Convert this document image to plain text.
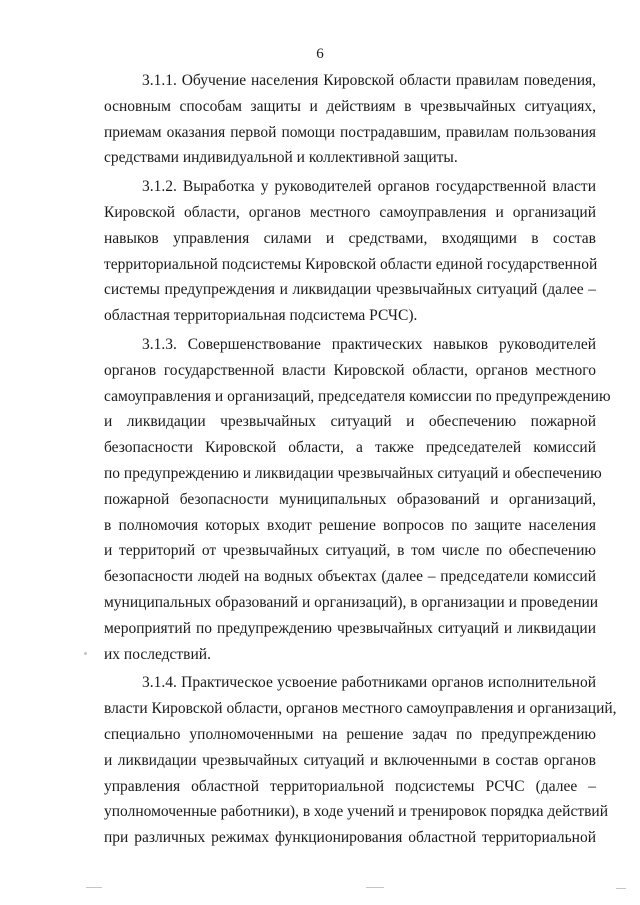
6

3.1.1. Обучение населения Кировской области правилам поведения,
основным способам защиты и действиям в чрезвычайных ситуациях,
приемам оказания первой помощи пострадавшим, правилам пользования
средствами индивидуальной и коллективной защиты.

3.1.2. Выработка у руководителей органов государственной власти
Кировской области, органов местного самоуправления и организаций
навыков управления силами и средствами, входящими в состав
территориальной подсистемы Кировской области единой государственной
системы предупреждения и ликвидации чрезвычайных ситуаций (далее –
областная территориальная подсистема РСЧС).

3.1.3. Совершенствование практических навыков руководителей
органов государственной власти Кировской области, органов местного
самоуправления и организаций, председателя комиссии по предупреждению
и ликвидации чрезвычайных ситуаций и обеспечению пожарной
безопасности Кировской области, а также председателей комиссий
по предупреждению и ликвидации чрезвычайных ситуаций и обеспечению
пожарной безопасности муниципальных образований и организаций,
в полномочия которых входит решение вопросов по защите населения
и территорий от чрезвычайных ситуаций, в том числе по обеспечению
безопасности людей на водных объектах (далее – председатели комиссий
муниципальных образований и организаций), в организации и проведении
мероприятий по предупреждению чрезвычайных ситуаций и ликвидации
их последствий.

3.1.4. Практическое усвоение работниками органов исполнительной
власти Кировской области, органов местного самоуправления и организаций,
специально уполномоченными на решение задач по предупреждению
и ликвидации чрезвычайных ситуаций и включенными в состав органов
управления областной территориальной подсистемы РСЧС (далее –
уполномоченные работники), в ходе учений и тренировок порядка действий
при различных режимах функционирования областной территориальной
